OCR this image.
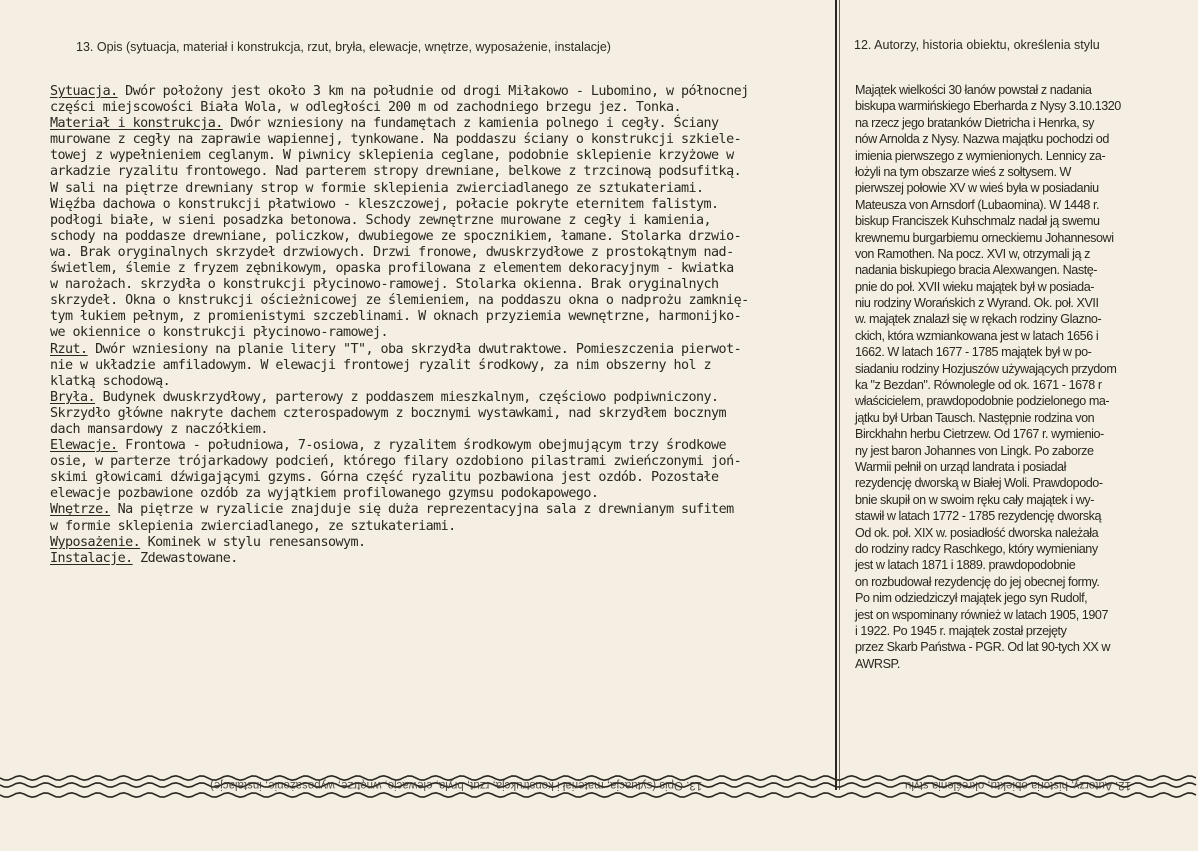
13. Opis (sytuacja, materiał i konstrukcja, rzut, bryła, elewacje, wnętrze, wyposażenie, instalacje)	12. Autorzy, historia obiektu, określenia stylu
Sytuacja. Dwór położony jest około 3 km na południe od drogi Miłakowo - Lubomino, w północnej
części miejscowości Biała Wola, w odległości 200 m od zachodniego brzegu jez. Tonka.
Materiał i konstrukcja. Dwór wzniesiony na fundamętach z kamienia polnego i cegły. Ściany
murowane z cegły na zaprawie wapiennej, tynkowane. Na poddaszu ściany o konstrukcji szkiele-
towej z wypełnieniem ceglanym. W piwnicy sklepienia ceglane, podobnie sklepienie krzyżowe w
arkadzie ryzalitu frontowego. Nad parterem stropy drewniane, belkowe z trzcinową podsufitką.
W sali na piętrze drewniany strop w formie sklepienia zwierciadlanego ze sztukateriami.
Więźba dachowa o konstrukcji płatwiowo - kleszczowej, połacie pokryte eternitem falistym.
podłogi białe, w sieni posadzka betonowa. Schody zewnętrzne murowane z cegły i kamienia,
schody na poddasze drewniane, policzkow, dwubiegowe ze spocznikiem, łamane. Stolarka drzwio-
wa. Brak oryginalnych skrzydeł drzwiowych. Drzwi fronowe, dwuskrzydłowe z prostokątnym nad-
świetlem, ślemie z fryzem zębnikowym, opaska profilowana z elementem dekoracyjnym - kwiatka
w narożach. skrzydła o konstrukcji płycinowo-ramowej. Stolarka okienna. Brak oryginalnych
skrzydeł. Okna o knstrukcji ościeżnicowej ze ślemieniem, na poddaszu okna o nadprożu zamknię-
tym łukiem pełnym, z promienistymi szczeblinami. W oknach przyziemia wewnętrzne, harmonijko-
we okiennice o konstrukcji płycinowo-ramowej.
Rzut. Dwór wzniesiony na planie litery "T", oba skrzydła dwutraktowe. Pomieszczenia pierwot-
nie w układzie amfiladowym. W elewacji frontowej ryzalit środkowy, za nim obszerny hol z
klatką schodową.
Bryła. Budynek dwuskrzydłowy, parterowy z poddaszem mieszkalnym, częściowo podpiwniczony.
Skrzydło główne nakryte dachem czterospadowym z bocznymi wystawkami, nad skrzydłem bocznym
dach mansardowy z naczółkiem.
Elewacje. Frontowa - południowa, 7-osiowa, z ryzalitem środkowym obejmującym trzy środkowe
osie, w parterze trójarkadowy podcień, którego filary ozdobiono pilastrami zwieńczonymi joń-
skimi głowicami dźwigającymi gzyms. Górna część ryzalitu pozbawiona jest ozdób. Pozostałe
elewacje pozbawione ozdób za wyjątkiem profilowanego gzymsu podokapowego.
Wnętrze. Na piętrze w ryzalicie znajduje się duża reprezentacyjna sala z drewnianym sufitem
w formie sklepienia zwierciadlanego, ze sztukateriami.
Wyposażenie. Kominek w stylu renesansowym.
Instalacje. Zdewastowane.
Majątek wielkości 30 łanów powstał z nadania
biskupa warmińskiego Eberharda z Nysy 3.10.1320
na rzecz jego bratanków Dietricha i Henrka, sy
nów Arnolda z Nysy. Nazwa majątku pochodzi od
imienia pierwszego z wymienionych. Lennicy za-
łożyli na tym obszarze wieś z sołtysem. W
pierwszej połowie XV w wieś była w posiadaniu
Mateusza von Arnsdorf (Lubaomina). W 1448 r.
biskup Franciszek Kuhschmalz nadał ją swemu
krewnemu burgarbiemu orneckiemu Johannesowi
von Ramothen. Na pocz. XVI w, otrzymali ją z
nadania biskupiego bracia Alexwangen. Nastę-
pnie do poł. XVII wieku majątek był w posiada-
niu rodziny Worańskich z Wyrand. Ok. poł. XVII
w. majątek znalazł się w rękach rodziny Glazno-
ckich, która wzmiankowana jest w latach 1656 i
1662. W latach 1677 - 1785 majątek był w po-
siadaniu rodziny Hozjuszów używających przydom
ka "z Bezdan". Równolegle od ok. 1671 - 1678 r
właścicielem, prawdopodobnie podzielonego ma-
jątku był Urban Tausch. Następnie rodzina von
Birckhahn herbu Cietrzew. Od 1767 r. wymienio-
ny jest baron Johannes von Lingk. Po zaborze
Warmii pełnił on urząd landrata i posiadał
rezydencję dworską w Białej Woli. Prawdopodo-
bnie skupił on w swoim ręku cały majątek i wy-
stawił w latach 1772 - 1785 rezydencję dworską
Od ok. poł. XIX w. posiadłość dworska należała
do rodziny radcy Raschkego, który wymieniany
jest w latach 1871 i 1889. prawdopodobnie
on rozbudował rezydencję do jej obecnej formy.
Po nim odziedziczył majątek jego syn Rudolf,
jest on wspominany również w latach 1905, 1907
i 1922. Po 1945 r. majątek został przejęty
przez Skarb Państwa - PGR. Od lat 90-tych XX w
AWRSP.
13. Opis (sytuacja, materiał i konstrukcja, rzut, bryła, elewacje, wnętrze, wyposażenie, instalacje)	12. Autorzy, historia obiektu, określenia stylu
